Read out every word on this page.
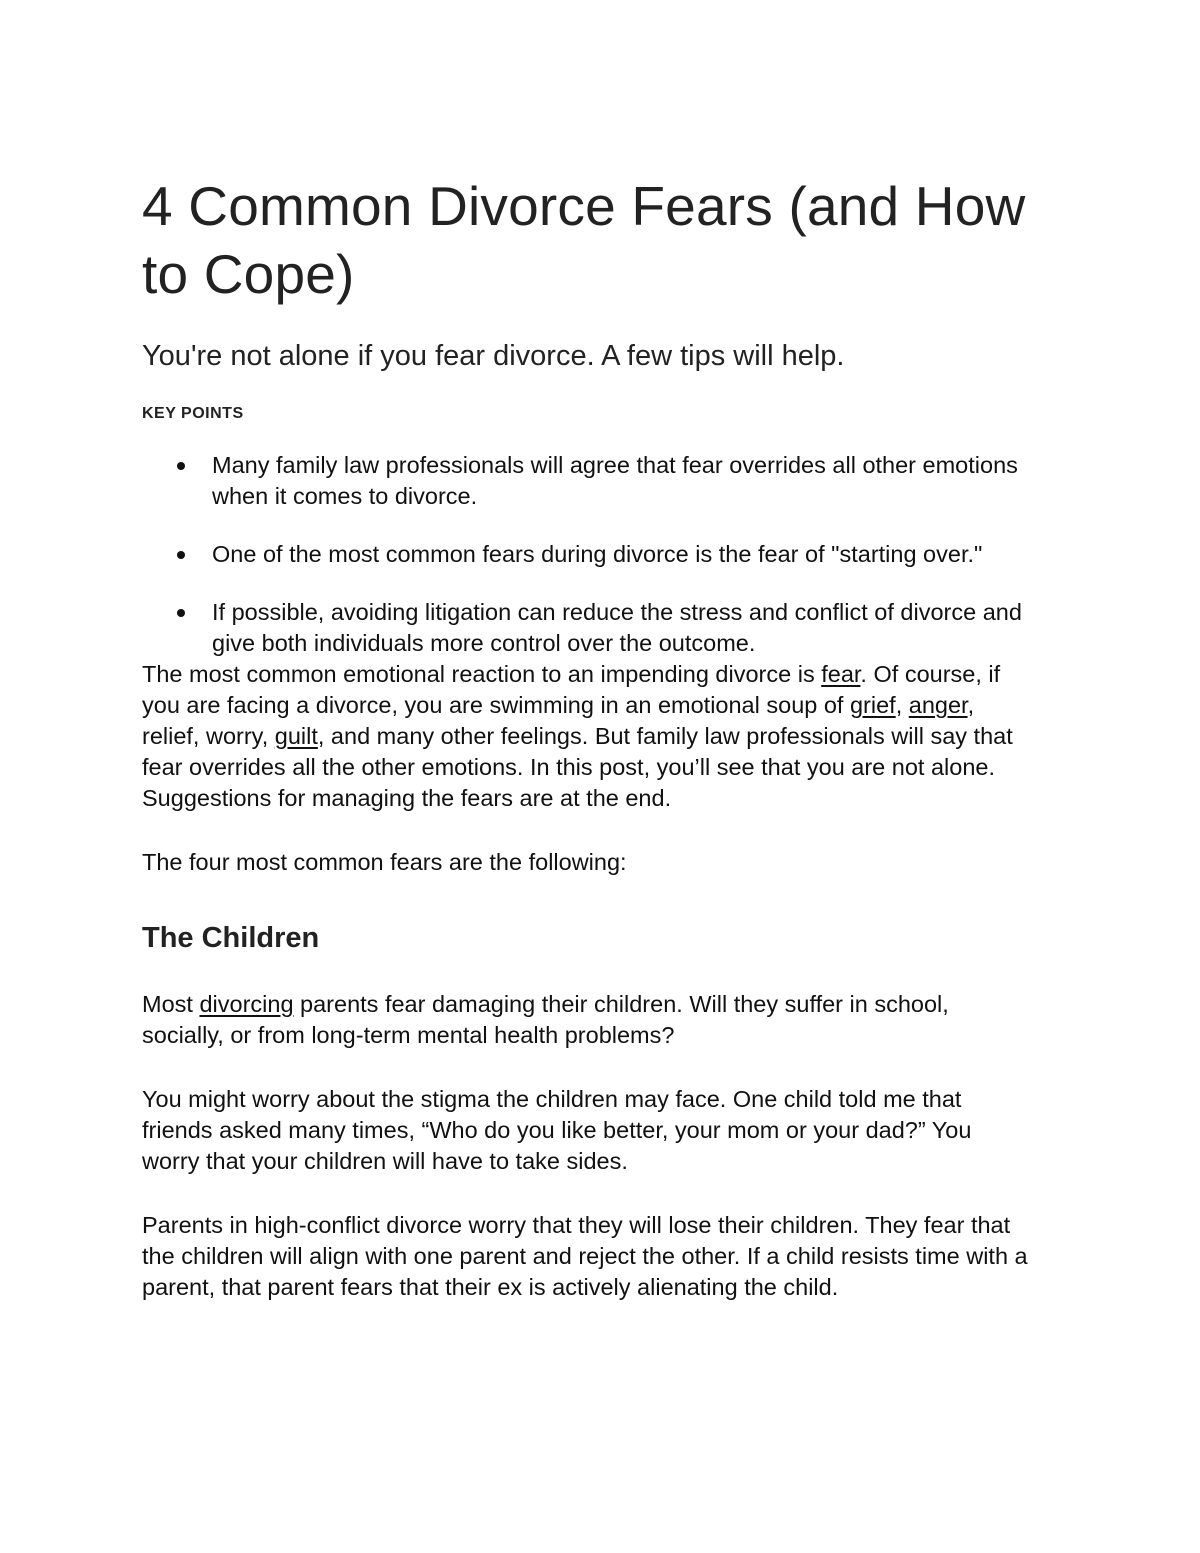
4 Common Divorce Fears (and How to Cope)

You're not alone if you fear divorce. A few tips will help.

KEY POINTS
Many family law professionals will agree that fear overrides all other emotions when it comes to divorce.
One of the most common fears during divorce is the fear of "starting over."
If possible, avoiding litigation can reduce the stress and conflict of divorce and give both individuals more control over the outcome.

The most common emotional reaction to an impending divorce is fear. Of course, if you are facing a divorce, you are swimming in an emotional soup of grief, anger, relief, worry, guilt, and many other feelings. But family law professionals will say that fear overrides all the other emotions. In this post, you’ll see that you are not alone. Suggestions for managing the fears are at the end.

The four most common fears are the following:

The Children

Most divorcing parents fear damaging their children. Will they suffer in school, socially, or from long-term mental health problems?

You might worry about the stigma the children may face. One child told me that friends asked many times, “Who do you like better, your mom or your dad?” You worry that your children will have to take sides.

Parents in high-conflict divorce worry that they will lose their children. They fear that the children will align with one parent and reject the other. If a child resists time with a parent, that parent fears that their ex is actively alienating the child.
